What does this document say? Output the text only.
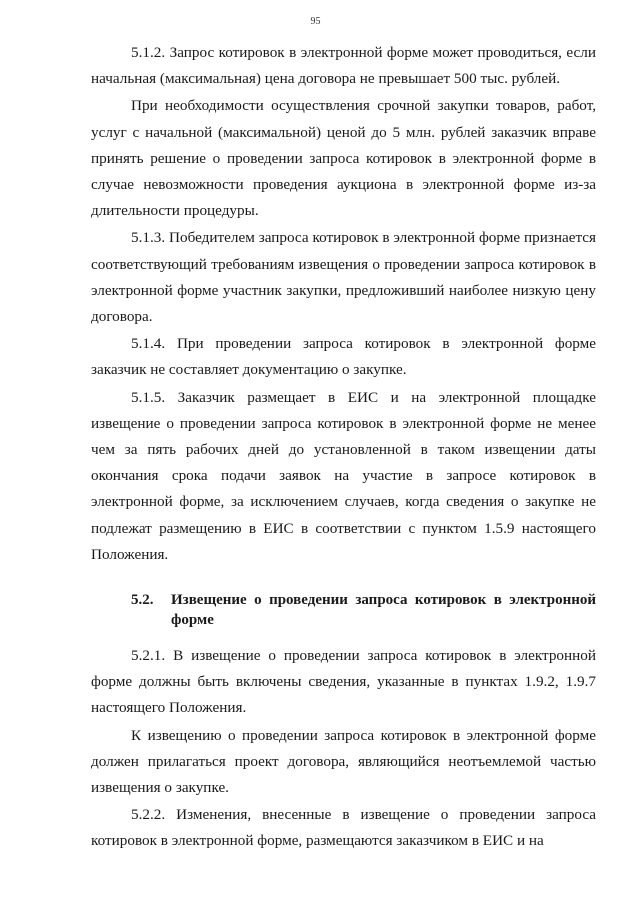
95

5.1.2. Запрос котировок в электронной форме может проводиться, если начальная (максимальная) цена договора не превышает 500 тыс. рублей.

При необходимости осуществления срочной закупки товаров, работ, услуг с начальной (максимальной) ценой до 5 млн. рублей заказчик вправе принять решение о проведении запроса котировок в электронной форме в случае невозможности проведения аукциона в электронной форме из-за длительности процедуры.

5.1.3. Победителем запроса котировок в электронной форме признается соответствующий требованиям извещения о проведении запроса котировок в электронной форме участник закупки, предложивший наиболее низкую цену договора.

5.1.4. При проведении запроса котировок в электронной форме заказчик не составляет документацию о закупке.

5.1.5. Заказчик размещает в ЕИС и на электронной площадке извещение о проведении запроса котировок в электронной форме не менее чем за пять рабочих дней до установленной в таком извещении даты окончания срока подачи заявок на участие в запросе котировок в электронной форме, за исключением случаев, когда сведения о закупке не подлежат размещению в ЕИС в соответствии с пунктом 1.5.9 настоящего Положения.

5.2.	Извещение о проведении запроса котировок в электронной форме

5.2.1. В извещение о проведении запроса котировок в электронной форме должны быть включены сведения, указанные в пунктах 1.9.2, 1.9.7 настоящего Положения.

К извещению о проведении запроса котировок в электронной форме должен прилагаться проект договора, являющийся неотъемлемой частью извещения о закупке.

5.2.2. Изменения, внесенные в извещение о проведении запроса котировок в электронной форме, размещаются заказчиком в ЕИС и на
